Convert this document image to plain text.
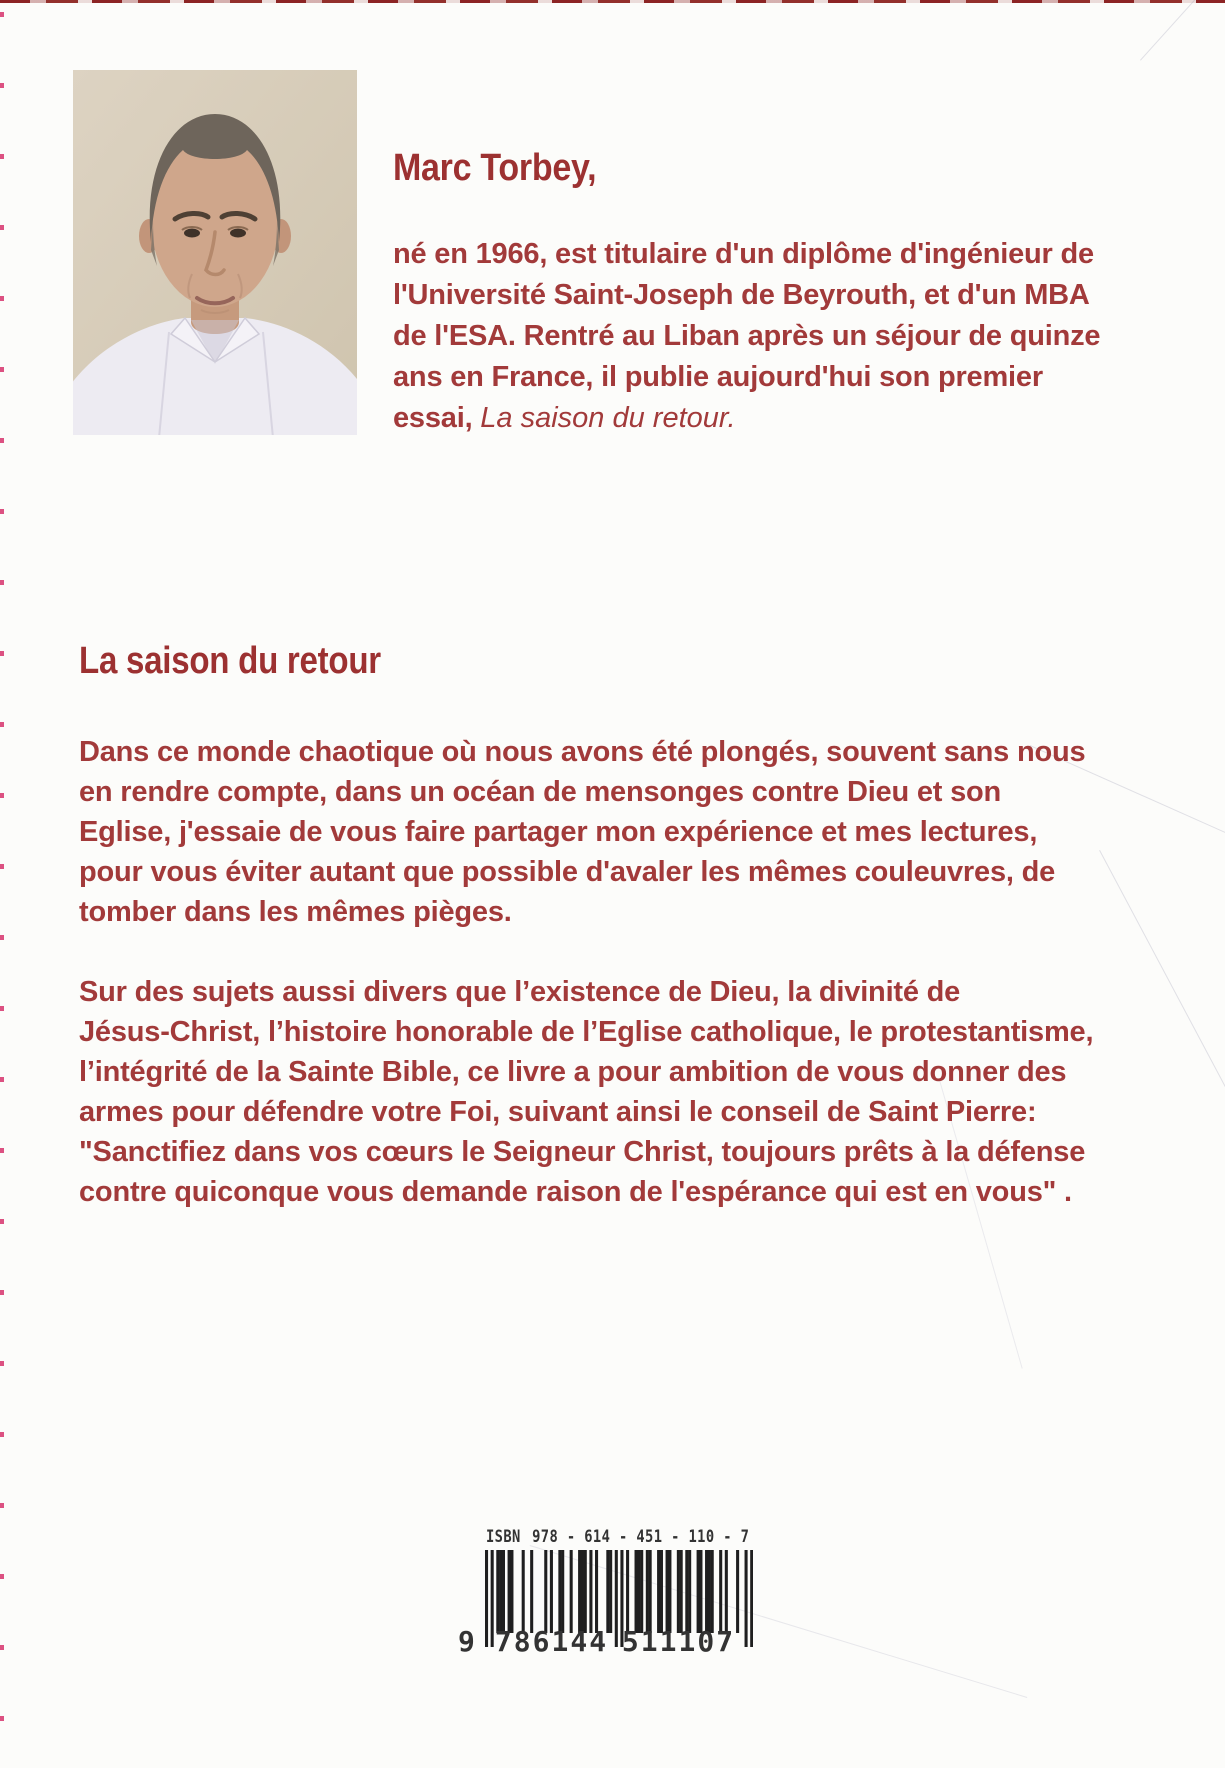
Marc Torbey,
né en 1966, est titulaire d'un diplôme d'ingénieur de
l'Université Saint-Joseph de Beyrouth, et d'un MBA
de l'ESA. Rentré au Liban après un séjour de quinze
ans en France, il publie aujourd'hui son premier
essai, La saison du retour.
La saison du retour
Dans ce monde chaotique où nous avons été plongés, souvent sans nous
en rendre compte, dans un océan de mensonges contre Dieu et son
Eglise, j'essaie de vous faire partager mon expérience et mes lectures,
pour vous éviter autant que possible d'avaler les mêmes couleuvres, de
tomber dans les mêmes pièges.
Sur des sujets aussi divers que l’existence de Dieu, la divinité de
Jésus-Christ, l’histoire honorable de l’Eglise catholique, le protestantisme,
l’intégrité de la Sainte Bible, ce livre a pour ambition de vous donner des
armes pour défendre votre Foi, suivant ainsi le conseil de Saint Pierre:
"Sanctifiez dans vos cœurs le Seigneur Christ, toujours prêts à la défense
contre quiconque vous demande raison de l'espérance qui est en vous" .
ISBN 978 - 614 - 451 - 110 - 7
9 786144 511107
